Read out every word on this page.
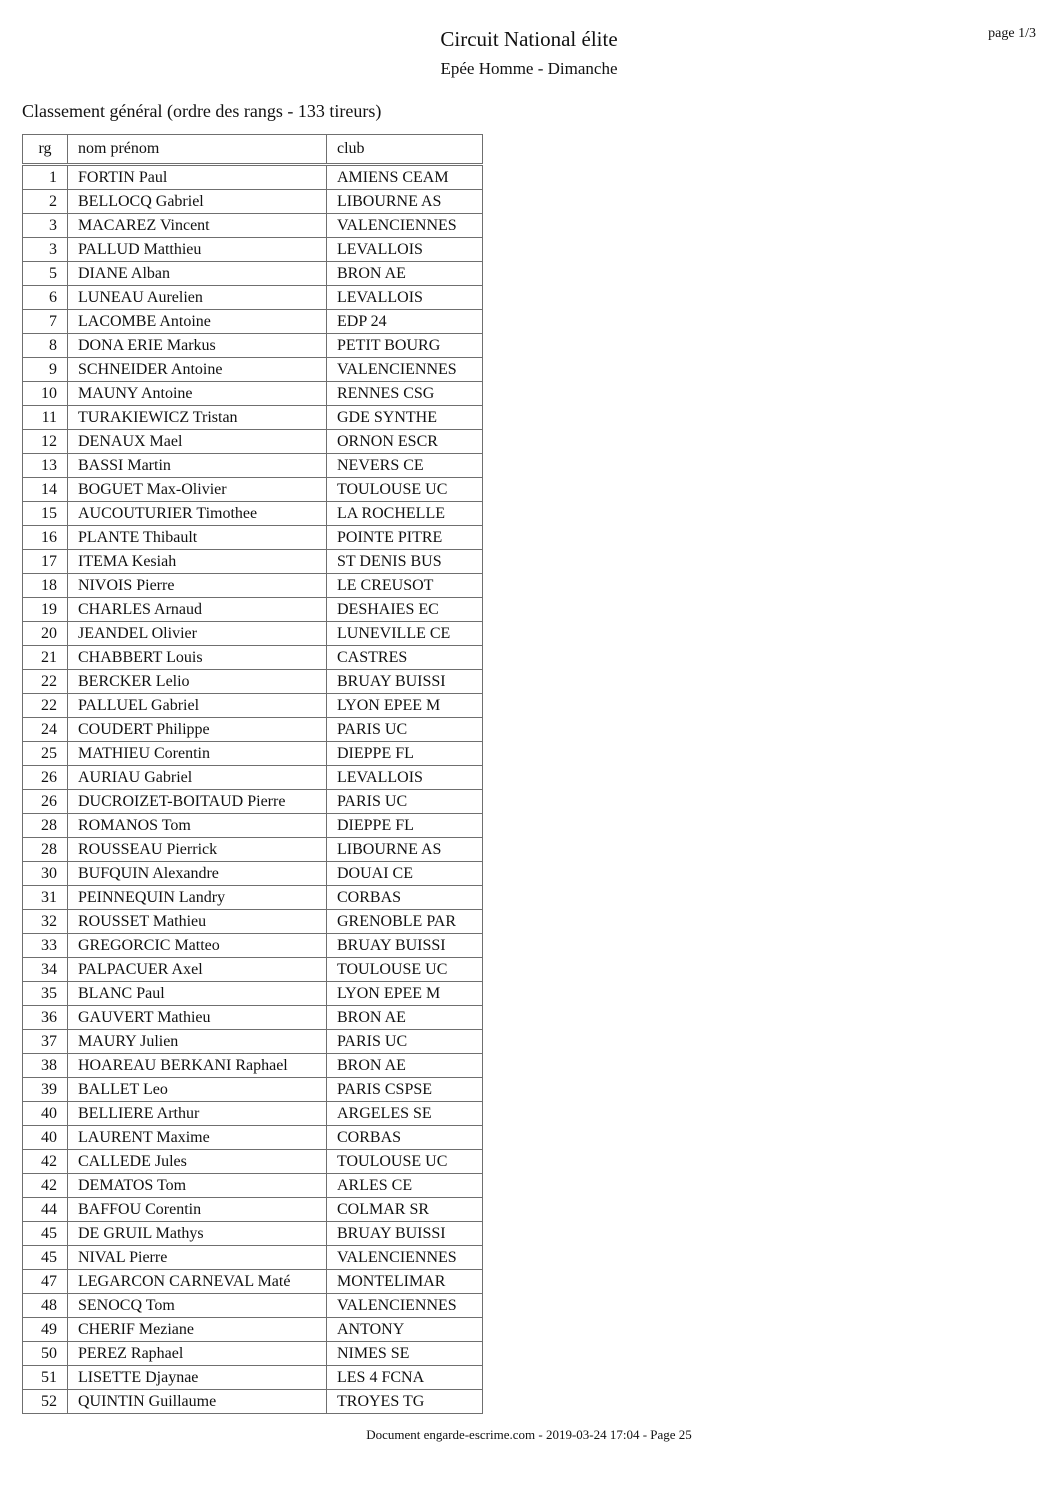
Circuit National élite
Epée Homme - Dimanche
page 1/3
Classement général (ordre des rangs - 133 tireurs)
rg	nom prénom	club
1	FORTIN Paul	AMIENS CEAM
2	BELLOCQ Gabriel	LIBOURNE AS
3	MACAREZ Vincent	VALENCIENNES
3	PALLUD Matthieu	LEVALLOIS
5	DIANE Alban	BRON AE
6	LUNEAU Aurelien	LEVALLOIS
7	LACOMBE Antoine	EDP 24
8	DONA ERIE Markus	PETIT BOURG
9	SCHNEIDER Antoine	VALENCIENNES
10	MAUNY Antoine	RENNES CSG
11	TURAKIEWICZ Tristan	GDE SYNTHE
12	DENAUX Mael	ORNON ESCR
13	BASSI Martin	NEVERS CE
14	BOGUET Max-Olivier	TOULOUSE UC
15	AUCOUTURIER Timothee	LA ROCHELLE
16	PLANTE Thibault	POINTE PITRE
17	ITEMA Kesiah	ST DENIS BUS
18	NIVOIS Pierre	LE CREUSOT
19	CHARLES Arnaud	DESHAIES EC
20	JEANDEL Olivier	LUNEVILLE CE
21	CHABBERT Louis	CASTRES
22	BERCKER Lelio	BRUAY BUISSI
22	PALLUEL Gabriel	LYON EPEE M
24	COUDERT Philippe	PARIS UC
25	MATHIEU Corentin	DIEPPE FL
26	AURIAU Gabriel	LEVALLOIS
26	DUCROIZET-BOITAUD Pierre	PARIS UC
28	ROMANOS Tom	DIEPPE FL
28	ROUSSEAU Pierrick	LIBOURNE AS
30	BUFQUIN Alexandre	DOUAI CE
31	PEINNEQUIN Landry	CORBAS
32	ROUSSET Mathieu	GRENOBLE PAR
33	GREGORCIC Matteo	BRUAY BUISSI
34	PALPACUER Axel	TOULOUSE UC
35	BLANC Paul	LYON EPEE M
36	GAUVERT Mathieu	BRON AE
37	MAURY Julien	PARIS UC
38	HOAREAU BERKANI Raphael	BRON AE
39	BALLET Leo	PARIS CSPSE
40	BELLIERE Arthur	ARGELES SE
40	LAURENT Maxime	CORBAS
42	CALLEDE Jules	TOULOUSE UC
42	DEMATOS Tom	ARLES CE
44	BAFFOU Corentin	COLMAR SR
45	DE GRUIL Mathys	BRUAY BUISSI
45	NIVAL Pierre	VALENCIENNES
47	LEGARCON CARNEVAL Maté	MONTELIMAR
48	SENOCQ Tom	VALENCIENNES
49	CHERIF Meziane	ANTONY
50	PEREZ Raphael	NIMES SE
51	LISETTE Djaynae	LES 4 FCNA
52	QUINTIN Guillaume	TROYES TG
Document engarde-escrime.com - 2019-03-24 17:04 - Page 25
